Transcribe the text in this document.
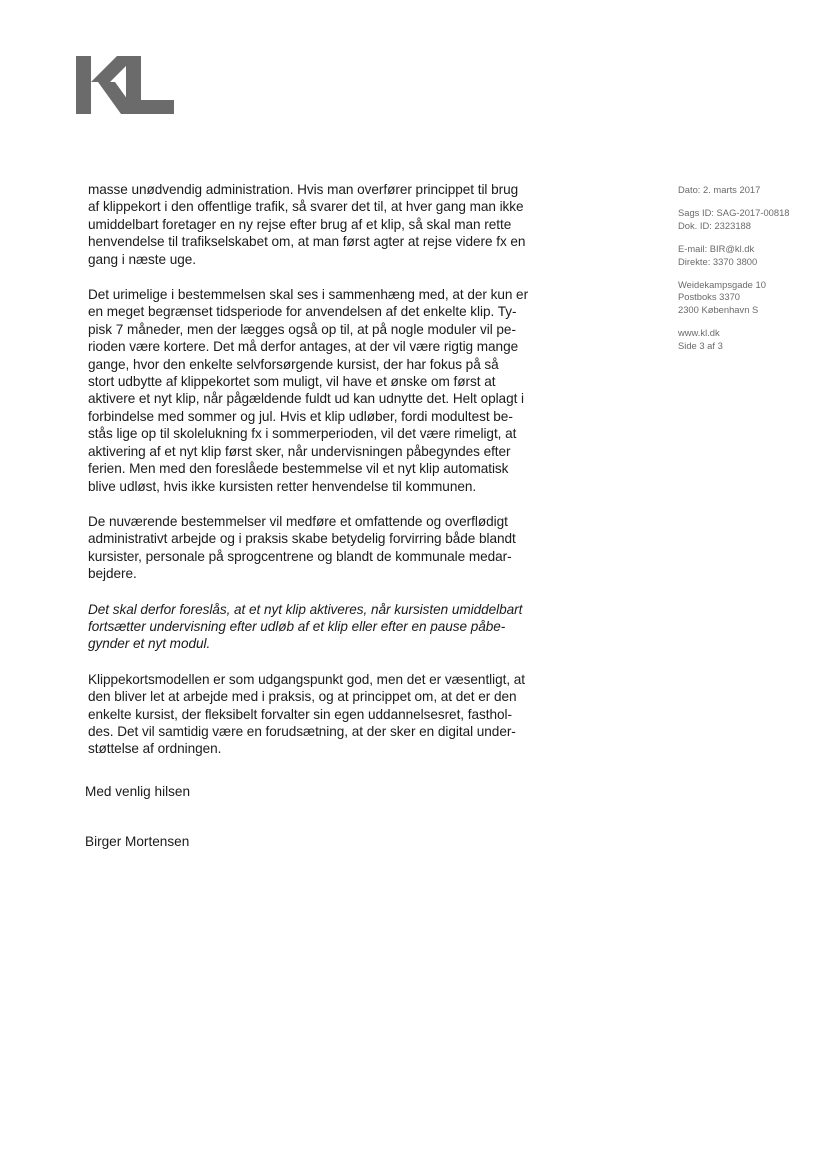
Dato: 2. marts 2017
Sags ID: SAG-2017-00818
Dok. ID: 2323188
E-mail: BIR@kl.dk
Direkte: 3370 3800
Weidekampsgade 10
Postboks 3370
2300 København S
www.kl.dk
Side 3 af 3

masse unødvendig administration. Hvis man overfører princippet til brug
af klippekort i den offentlige trafik, så svarer det til, at hver gang man ikke
umiddelbart foretager en ny rejse efter brug af et klip, så skal man rette
henvendelse til trafikselskabet om, at man først agter at rejse videre fx en
gang i næste uge.

Det urimelige i bestemmelsen skal ses i sammenhæng med, at der kun er
en meget begrænset tidsperiode for anvendelsen af det enkelte klip. Ty-
pisk 7 måneder, men der lægges også op til, at på nogle moduler vil pe-
rioden være kortere. Det må derfor antages, at der vil være rigtig mange
gange, hvor den enkelte selvforsørgende kursist, der har fokus på så
stort udbytte af klippekortet som muligt, vil have et ønske om først at
aktivere et nyt klip, når pågældende fuldt ud kan udnytte det. Helt oplagt i
forbindelse med sommer og jul. Hvis et klip udløber, fordi modultest be-
stås lige op til skolelukning fx i sommerperioden, vil det være rimeligt, at
aktivering af et nyt klip først sker, når undervisningen påbegyndes efter
ferien. Men med den foreslåede bestemmelse vil et nyt klip automatisk
blive udløst, hvis ikke kursisten retter henvendelse til kommunen.

De nuværende bestemmelser vil medføre et omfattende og overflødigt
administrativt arbejde og i praksis skabe betydelig forvirring både blandt
kursister, personale på sprogcentrene og blandt de kommunale medar-
bejdere.

Det skal derfor foreslås, at et nyt klip aktiveres, når kursisten umiddelbart
fortsætter undervisning efter udløb af et klip eller efter en pause påbe-
gynder et nyt modul.

Klippekortsmodellen er som udgangspunkt god, men det er væsentligt, at
den bliver let at arbejde med i praksis, og at princippet om, at det er den
enkelte kursist, der fleksibelt forvalter sin egen uddannelsesret, fasthol-
des. Det vil samtidig være en forudsætning, at der sker en digital under-
støttelse af ordningen.

Med venlig hilsen
Birger Mortensen
